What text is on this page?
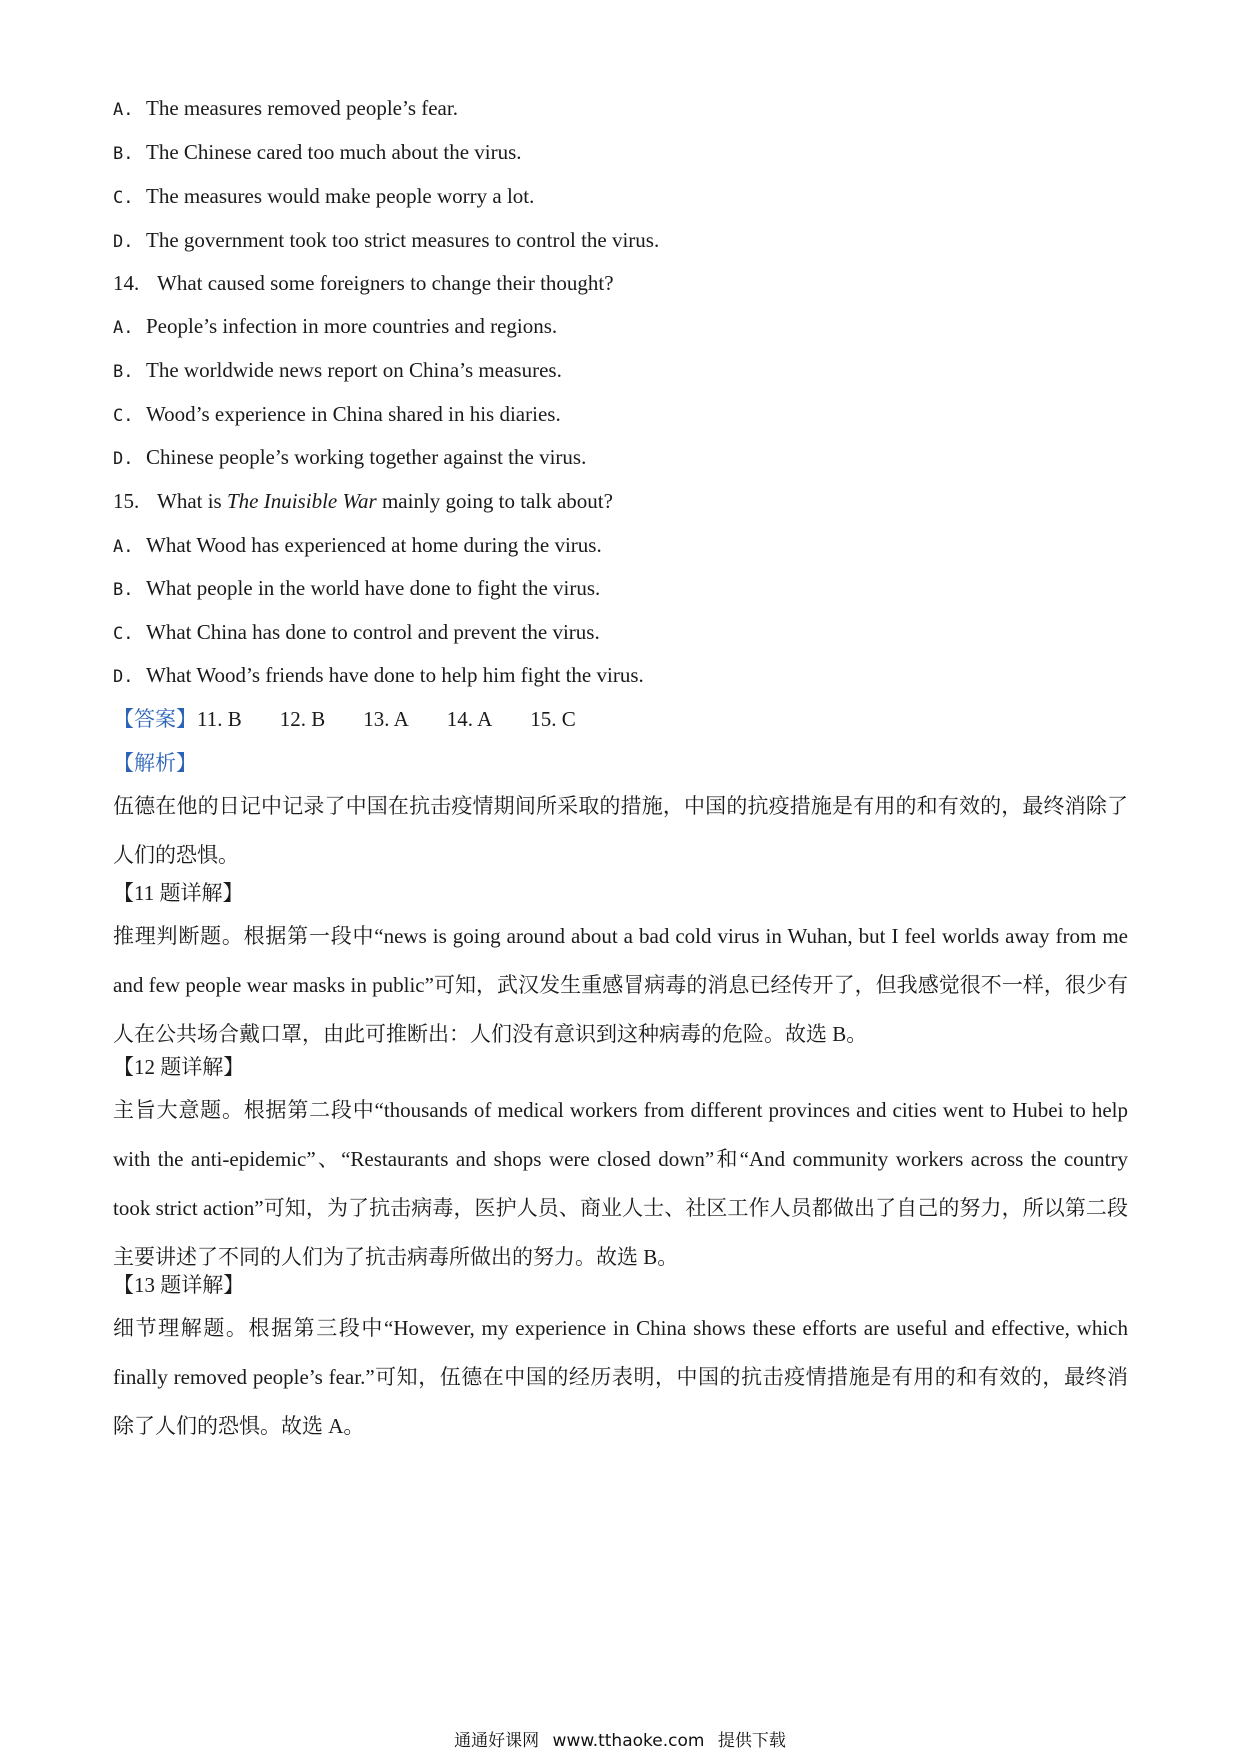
A. The measures removed people’s fear.
B. The Chinese cared too much about the virus.
C. The measures would make people worry a lot.
D. The government took too strict measures to control the virus.
14. What caused some foreigners to change their thought?
A. People’s infection in more countries and regions.
B. The worldwide news report on China’s measures.
C. Wood’s experience in China shared in his diaries.
D. Chinese people’s working together against the virus.
15. What is The Inuisible War mainly going to talk about?
A. What Wood has experienced at home during the virus.
B. What people in the world have done to fight the virus.
C. What China has done to control and prevent the virus.
D. What Wood’s friends have done to help him fight the virus.
【答案】11. B 12. B 13. A 14. A 15. C
【解析】
伍德在他的日记中记录了中国在抗击疫情期间所采取的措施，中国的抗疫措施是有用的和有效的，最终消除了人们的恐惧。
【11 题详解】
推理判断题。根据第一段中“news is going around about a bad cold virus in Wuhan, but I feel worlds away from me and few people wear masks in public”可知，武汉发生重感冒病毒的消息已经传开了，但我感觉很不一样，很少有人在公共场合戴口罩，由此可推断出：人们没有意识到这种病毒的危险。故选 B。
【12 题详解】
主旨大意题。根据第二段中“thousands of medical workers from different provinces and cities went to Hubei to help with the anti-epidemic”、“Restaurants and shops were closed down”和“And community workers across the country took strict action”可知，为了抗击病毒，医护人员、商业人士、社区工作人员都做出了自己的努力，所以第二段主要讲述了不同的人们为了抗击病毒所做出的努力。故选 B。
【13 题详解】
细节理解题。根据第三段中“However, my experience in China shows these efforts are useful and effective, which finally removed people’s fear.”可知，伍德在中国的经历表明，中国的抗击疫情措施是有用的和有效的，最终消除了人们的恐惧。故选 A。
通通好课网 www.tthaoke.com 提供下载
